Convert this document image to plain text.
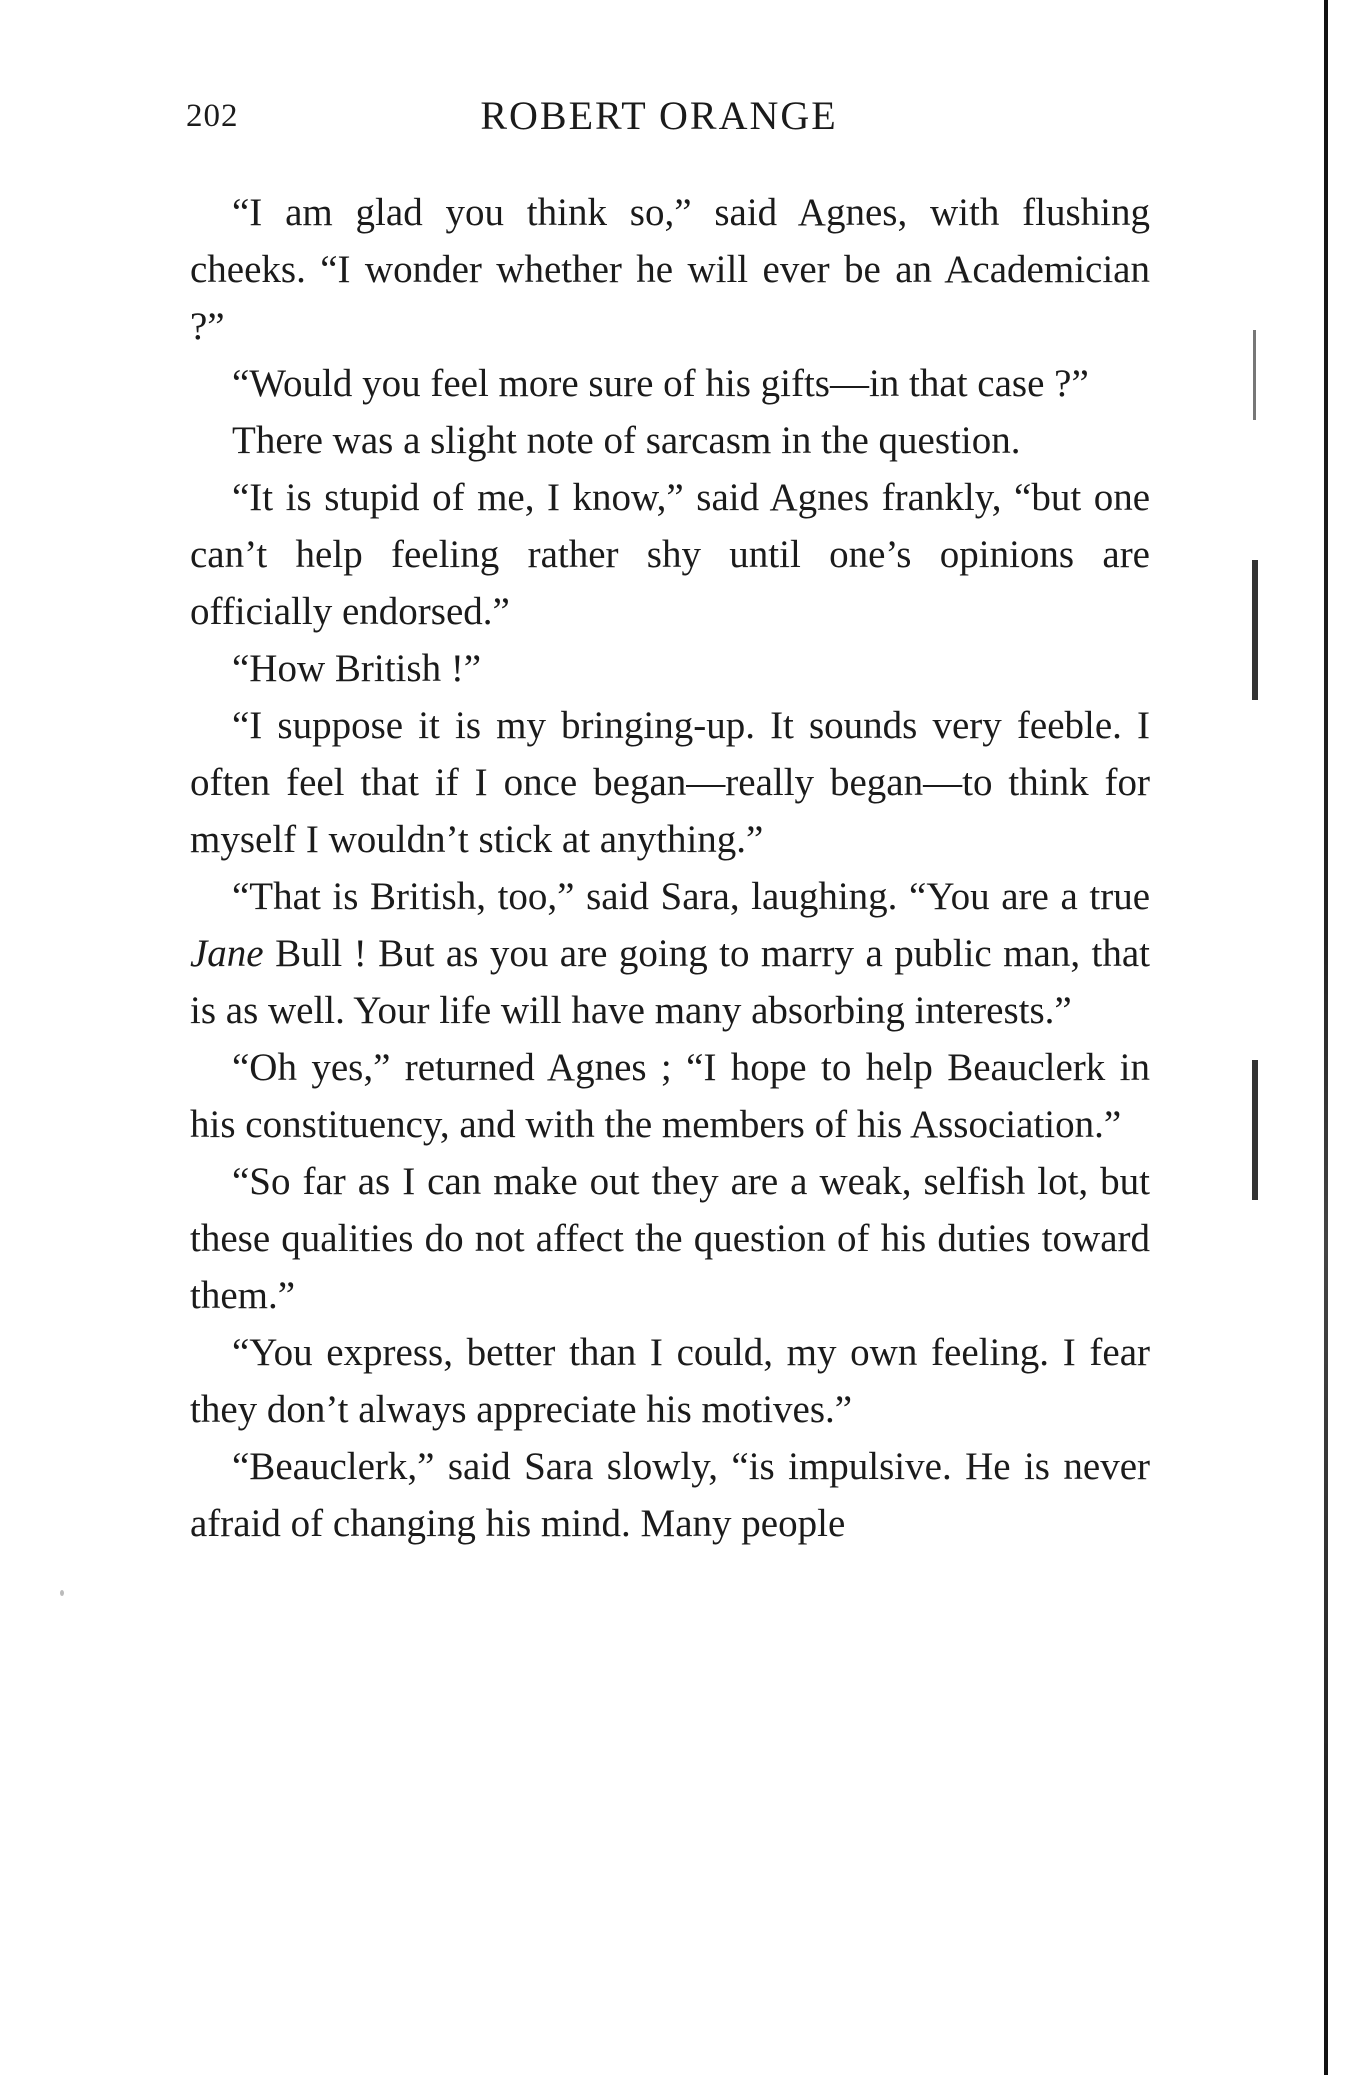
202	ROBERT ORANGE

“I am glad you think so,” said Agnes, with flushing cheeks. “I wonder whether he will ever be an Academician ?”

“Would you feel more sure of his gifts—in that case ?”

There was a slight note of sarcasm in the question.

“It is stupid of me, I know,” said Agnes frankly, “but one can’t help feeling rather shy until one’s opinions are officially endorsed.”

“How British !”

“I suppose it is my bringing-up. It sounds very feeble. I often feel that if I once began—really began—to think for myself I wouldn’t stick at anything.”

“That is British, too,” said Sara, laughing. “You are a true Jane Bull ! But as you are going to marry a public man, that is as well. Your life will have many absorbing interests.”

“Oh yes,” returned Agnes ; “I hope to help Beauclerk in his constituency, and with the members of his Association.”

“So far as I can make out they are a weak, selfish lot, but these qualities do not affect the question of his duties toward them.”

“You express, better than I could, my own feeling. I fear they don’t always appreciate his motives.”

“Beauclerk,” said Sara slowly, “is impulsive. He is never afraid of changing his mind. Many people
